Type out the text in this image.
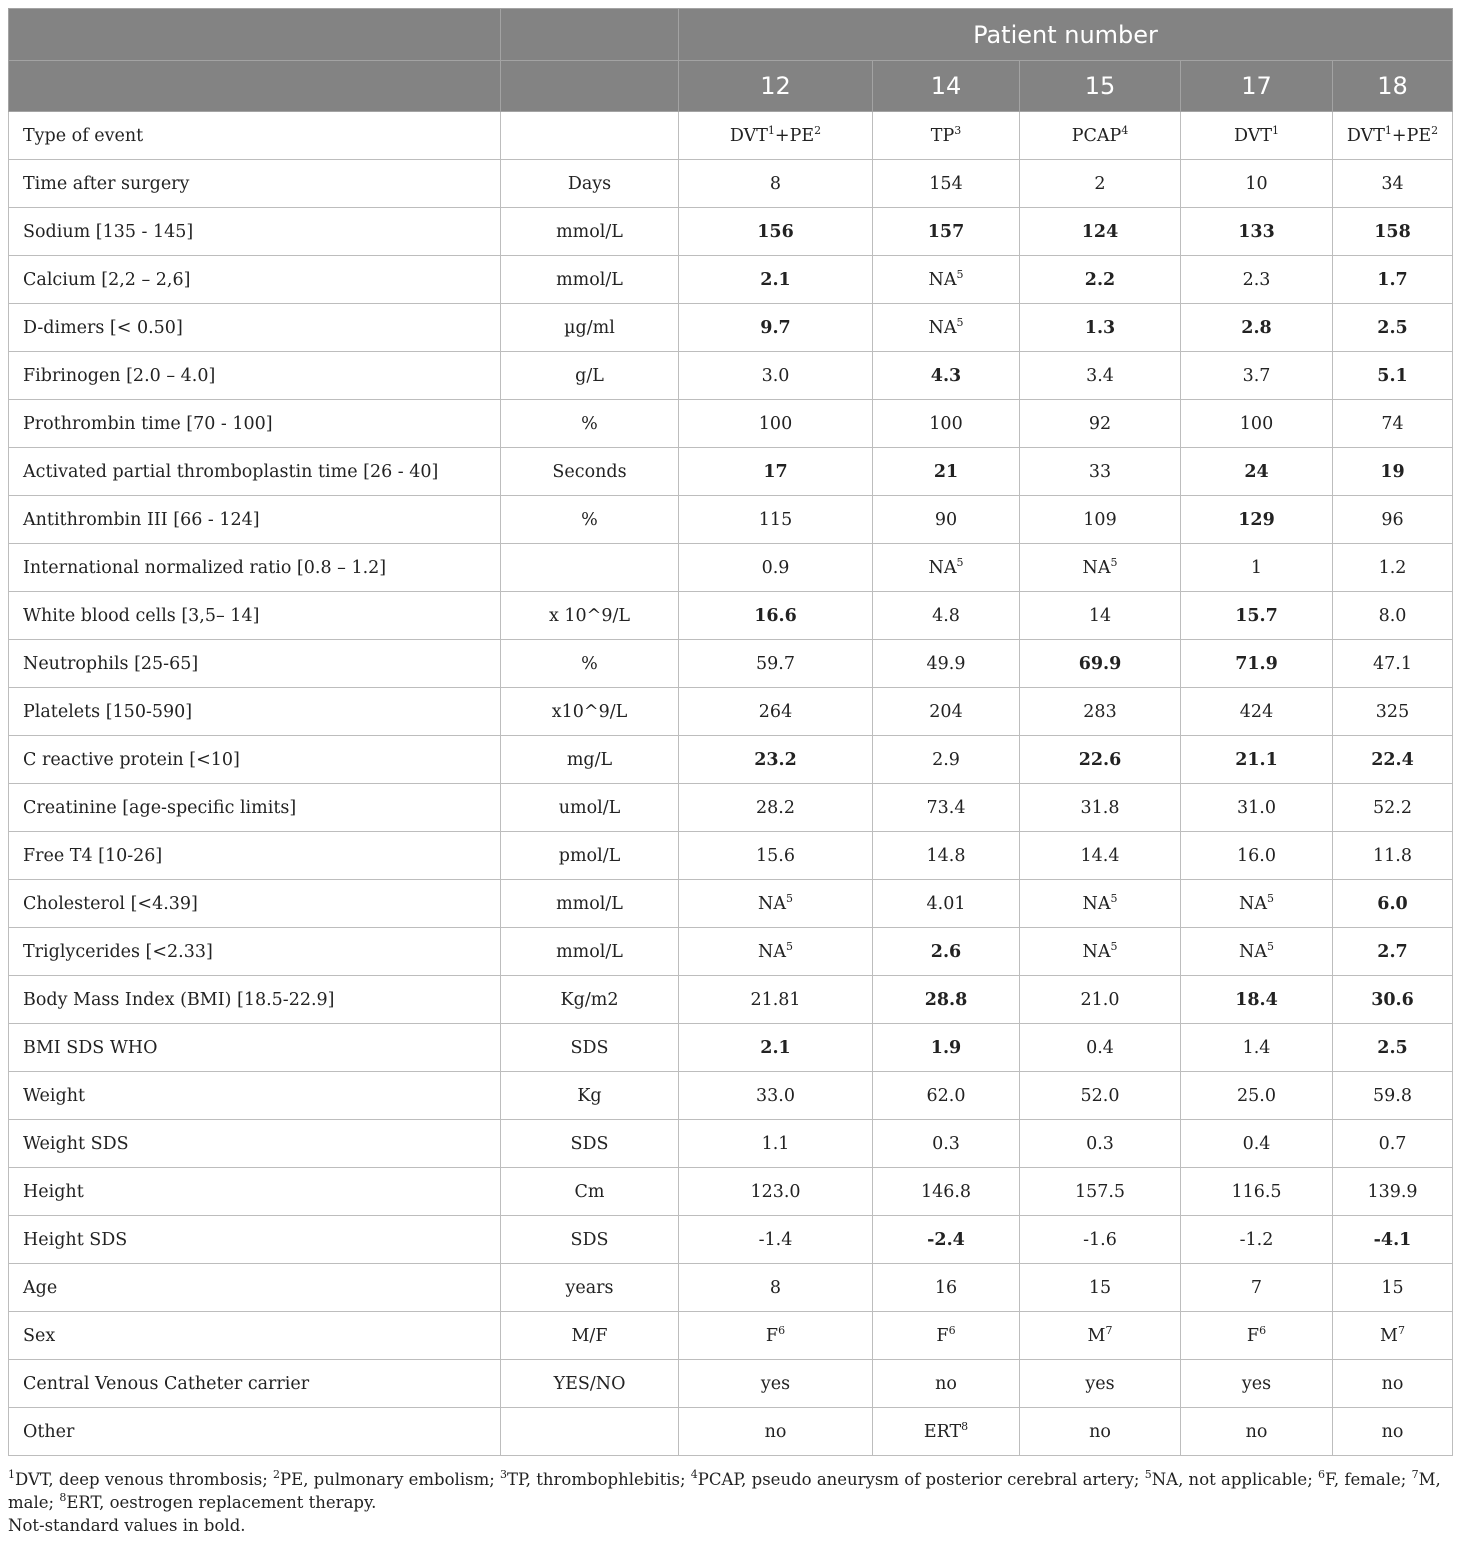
		Patient number				
		12	14	15	17	18
Type of event		$DVT^1+PE^2$	$TP^3$	PCAP$^4$	DVT$^1$	$DVT^1+PE^2$
Time after surgery	Days	8	154	2	10	34
Sodium [135 - 145]	mmol/L	156	157	124	133	158
Calcium [2,2 – 2,6]	mmol/L	2.1	$NA^5$	2.2	2.3	1.7
D-dimers [< 0.50]	µg/ml	9.7	$NA^5$	1.3	2.8	2.5
Fibrinogen [2.0 – 4.0]	g/L	3.0	4.3	3.4	3.7	5.1
Prothrombin time [70 - 100]	%	100	100	92	100	74
Activated partial thromboplastin time [26 - 40]	Seconds	17	21	33	24	19
Antithrombin III [66 - 124]	%	115	90	109	129	96
International normalized ratio [0.8 – 1.2]		0.9	$NA^5$	$NA^5$	1	1.2
White blood cells [3,5– 14]	x 10^9/L	16.6	4.8	14	15.7	8.0
Neutrophils [25-65]	%	59.7	49.9	69.9	71.9	47.1
Platelets [150-590]	x10^9/L	264	204	283	424	325
C reactive protein [<10]	mg/L	23.2	2.9	22.6	21.1	22.4
Creatinine [age-specific limits]	umol/L	28.2	73.4	31.8	31.0	52.2
Free T4 [10-26]	pmol/L	15.6	14.8	14.4	16.0	11.8
Cholesterol [<4.39]	mmol/L	$NA^5$	4.01	$NA^5$	$NA^5$	6.0
Triglycerides [<2.33]	mmol/L	$NA^5$	2.6	$NA^5$	$NA^5$	2.7
Body Mass Index (BMI) [18.5-22.9]	Kg/m2	21.81	28.8	21.0	18.4	30.6
BMI SDS WHO	SDS	2.1	1.9	0.4	1.4	2.5
Weight	Kg	33.0	62.0	52.0	25.0	59.8
Weight SDS	SDS	1.1	0.3	0.3	0.4	0.7
Height	Cm	123.0	146.8	157.5	116.5	139.9
Height SDS	SDS	-1.4	-2.4	-1.6	-1.2	-4.1
Age	years	8	16	15	7	15
Sex	M/F	$F^6$	$F^6$	$M^7$	$F^6$	$M^7$
Central Venous Catheter carrier	YES/NO	yes	no	yes	yes	no
Other		no	ERT$^8$	no	no	no
$^1$DVT, deep venous thrombosis; $^2$PE, pulmonary embolism; $^3$TP, thrombophlebitis; $^4$PCAP, pseudo aneurysm of posterior cerebral artery; $^5$NA, not applicable; $^6$F, female; $^7$M, male; $^8$ERT, oestrogen replacement therapy.
Not-standard values in bold.
